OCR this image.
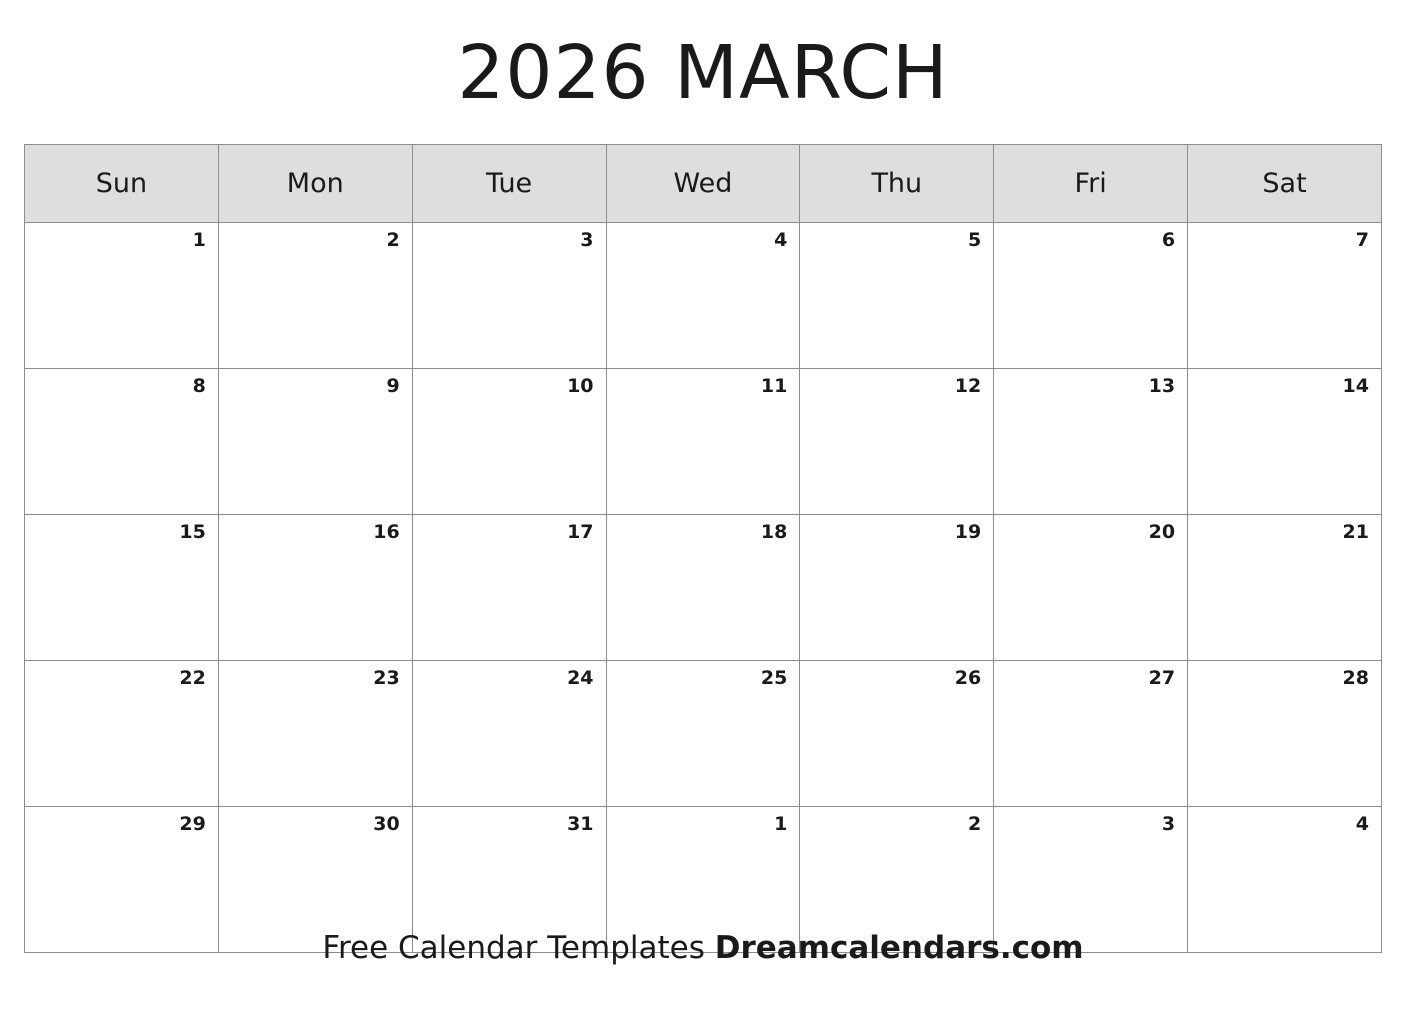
2026 MARCH
Sun	Mon	Tue	Wed	Thu	Fri	Sat

1	2	3	4	5	6	7

8	9	10	11	12	13	14

15	16	17	18	19	20	21

22	23	24	25	26	27	28

29	30	31	1	2	3	4
Free Calendar Templates Dreamcalendars.com
